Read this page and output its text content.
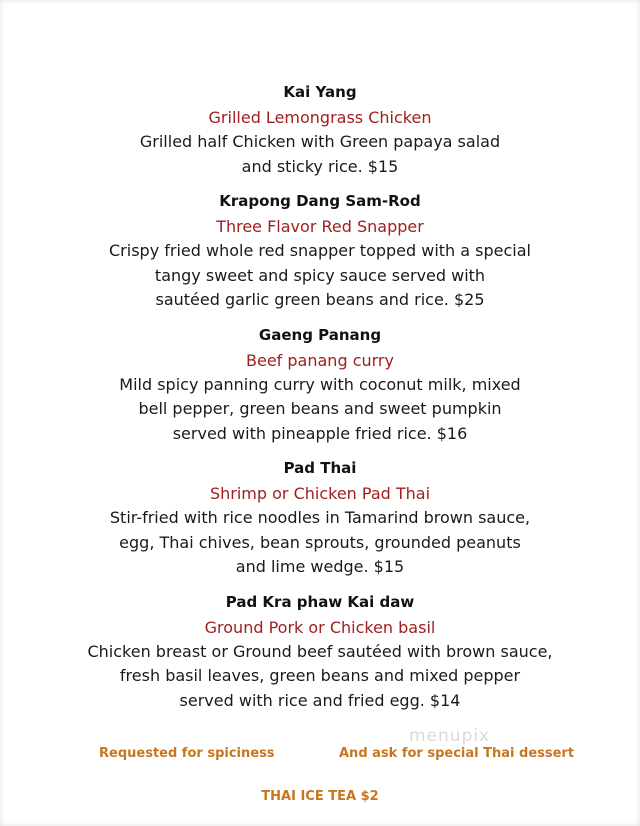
Kai Yang
Grilled Lemongrass Chicken
Grilled half Chicken with Green papaya salad
and sticky rice. $15
Krapong Dang Sam-Rod
Three Flavor Red Snapper
Crispy fried whole red snapper topped with a special
tangy sweet and spicy sauce served with
sautéed garlic green beans and rice. $25
Gaeng Panang
Beef panang curry
Mild spicy panning curry with coconut milk, mixed
bell pepper, green beans and sweet pumpkin
served with pineapple fried rice. $16
Pad Thai
Shrimp or Chicken Pad Thai
Stir-fried with rice noodles in Tamarind brown sauce,
egg, Thai chives, bean sprouts, grounded peanuts
and lime wedge. $15
Pad Kra phaw Kai daw
Ground Pork or Chicken basil
Chicken breast or Ground beef sautéed with brown sauce,
fresh basil leaves, green beans and mixed pepper
served with rice and fried egg. $14
menupix
Requested for spiciness	And ask for special Thai dessert
THAI ICE TEA $2
